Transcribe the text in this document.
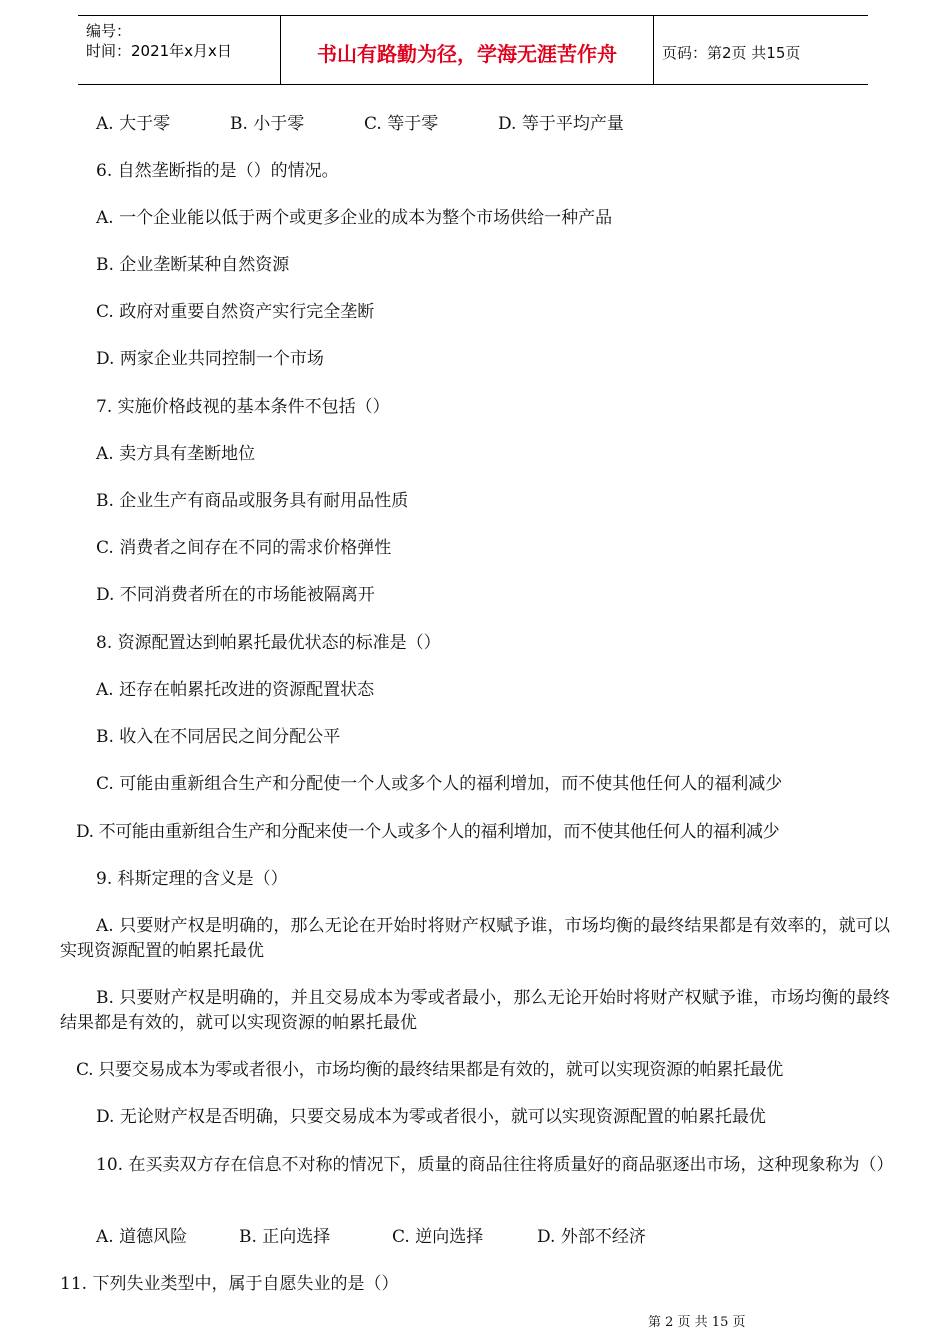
编号：
时间：2021年x月x日	书山有路勤为径，学海无涯苦作舟	页码：第2页 共15页
A. 大于零	B. 小于零	C. 等于零	D. 等于平均产量
6. 自然垄断指的是（）的情况。
A. 一个企业能以低于两个或更多企业的成本为整个市场供给一种产品
B. 企业垄断某种自然资源
C. 政府对重要自然资产实行完全垄断
D. 两家企业共同控制一个市场
7. 实施价格歧视的基本条件不包括（）
A. 卖方具有垄断地位
B. 企业生产有商品或服务具有耐用品性质
C. 消费者之间存在不同的需求价格弹性
D. 不同消费者所在的市场能被隔离开
8. 资源配置达到帕累托最优状态的标准是（）
A. 还存在帕累托改进的资源配置状态
B. 收入在不同居民之间分配公平
C. 可能由重新组合生产和分配使一个人或多个人的福利增加，而不使其他任何人的福利减少
D. 不可能由重新组合生产和分配来使一个人或多个人的福利增加，而不使其他任何人的福利减少
9. 科斯定理的含义是（）
A. 只要财产权是明确的，那么无论在开始时将财产权赋予谁，市场均衡的最终结果都是有效率的，就可以实现资源配置的帕累托最优
B. 只要财产权是明确的，并且交易成本为零或者最小，那么无论开始时将财产权赋予谁，市场均衡的最终结果都是有效的，就可以实现资源的帕累托最优
C. 只要交易成本为零或者很小，市场均衡的最终结果都是有效的，就可以实现资源的帕累托最优
D. 无论财产权是否明确，只要交易成本为零或者很小，就可以实现资源配置的帕累托最优
10. 在买卖双方存在信息不对称的情况下，质量的商品往往将质量好的商品驱逐出市场，这种现象称为（）
A. 道德风险	B. 正向选择	C. 逆向选择	D. 外部不经济
11. 下列失业类型中，属于自愿失业的是（）
第 2 页 共 15 页
